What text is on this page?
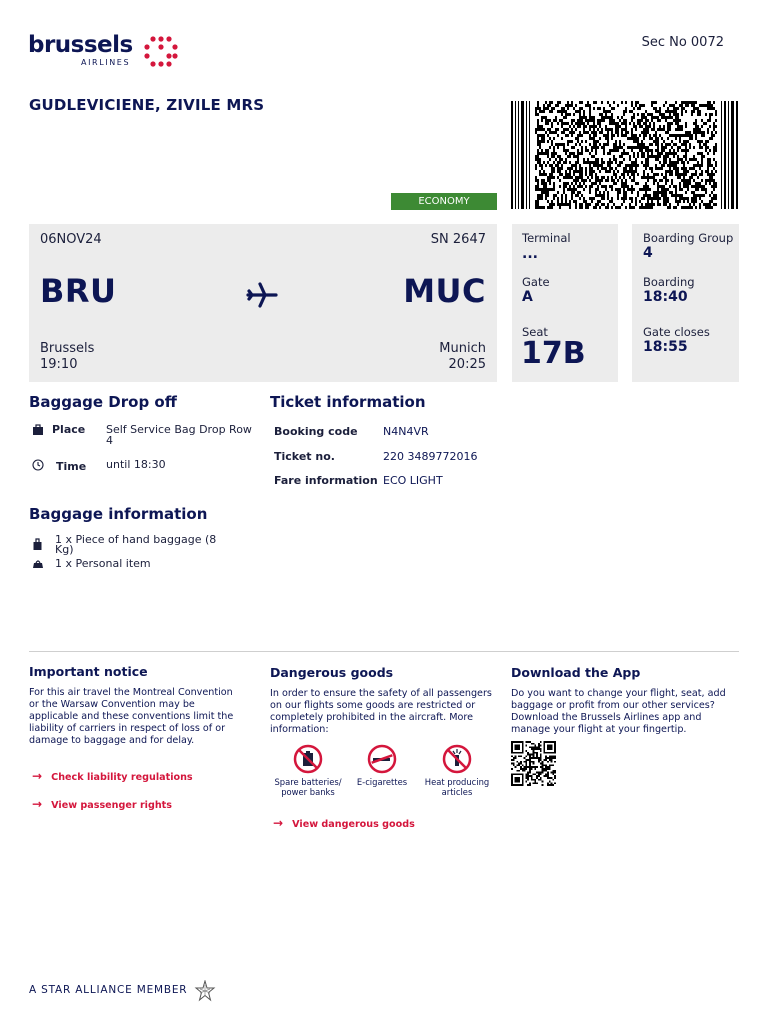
brussels
AIRLINES
Sec No 0072
GUDLEVICIENE, ZIVILE MRS
ECONOMY
06NOV24	SN 2647
BRU	MUC
Brussels	Munich
19:10	20:25
Terminal
...
Gate
A
Seat
17B
Boarding Group
4
Boarding
18:40
Gate closes
18:55
Baggage Drop off
Place Self Service Bag Drop Row
4
Time until 18:30
Ticket information
Booking code N4N4VR
Ticket no.	220 3489772016
Fare information ECO LIGHT
Baggage information
1 x Piece of hand baggage (8
Kg)
1 x Personal item
Important notice
For this air travel the Montreal Convention
or the Warsaw Convention may be
applicable and these conventions limit the
liability of carriers in respect of loss of or
damage to baggage and for delay.
→ Check liability regulations
→ View passenger rights
Dangerous goods
In order to ensure the safety of all passengers
on our flights some goods are restricted or
completely prohibited in the aircraft. More
information:
Spare batteries/
power banks
E-cigarettes	Heat producing
articles
→ View dangerous goods
Download the App
Do you want to change your flight, seat, add
baggage or profit from our other services?
Download the Brussels Airlines app and
manage your flight at your fingertip.
A STAR ALLIANCE MEMBER
